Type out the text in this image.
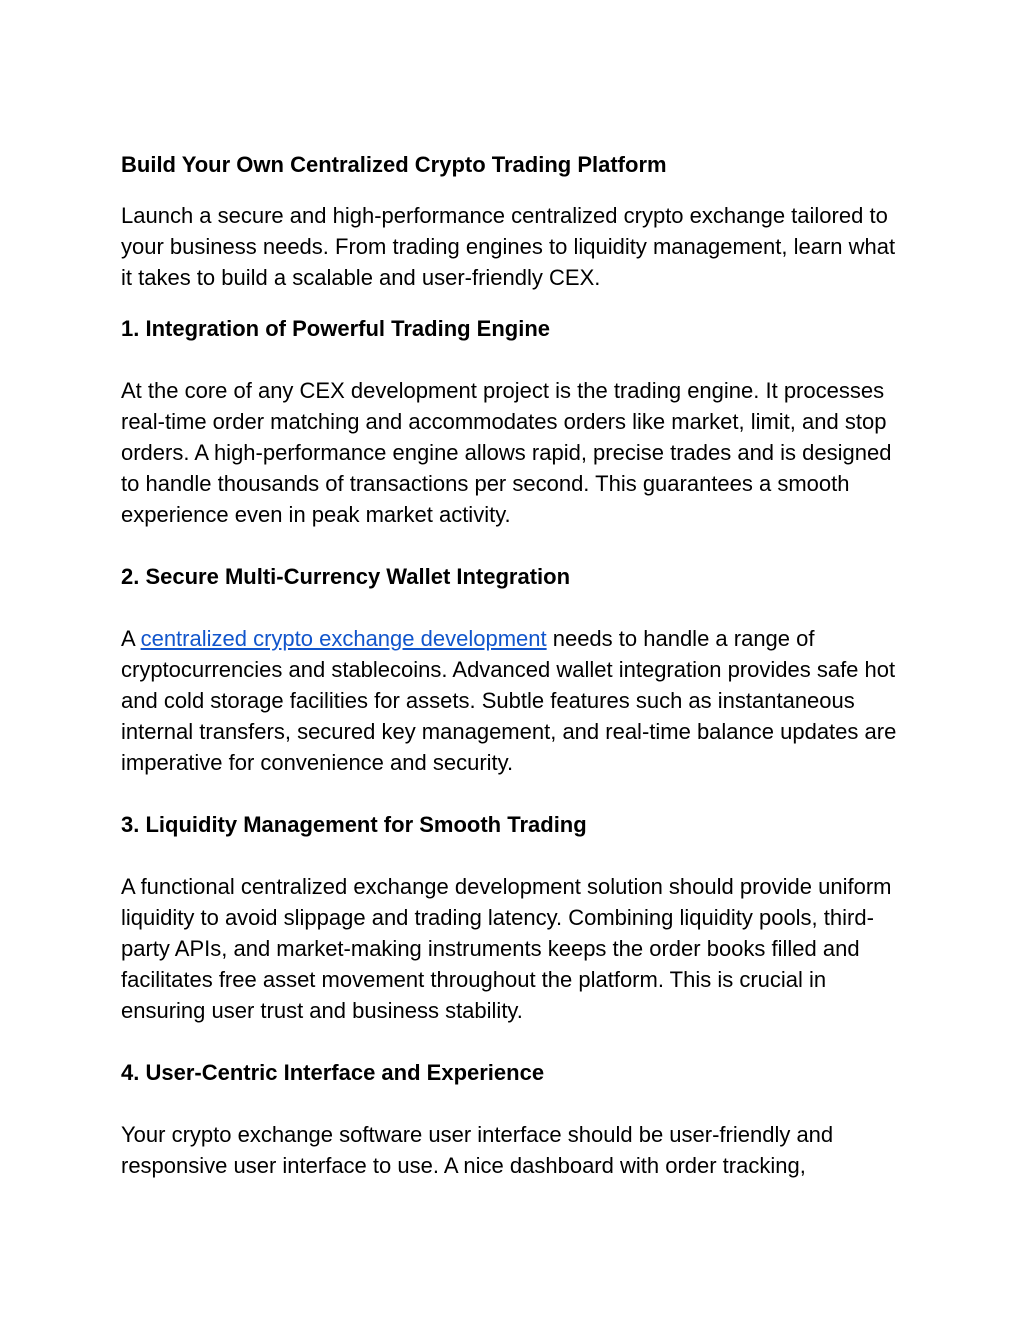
Build Your Own Centralized Crypto Trading Platform

Launch a secure and high-performance centralized crypto exchange tailored to your business needs. From trading engines to liquidity management, learn what it takes to build a scalable and user-friendly CEX.

1. Integration of Powerful Trading Engine

At the core of any CEX development project is the trading engine. It processes real-time order matching and accommodates orders like market, limit, and stop orders. A high-performance engine allows rapid, precise trades and is designed to handle thousands of transactions per second. This guarantees a smooth experience even in peak market activity.

2. Secure Multi-Currency Wallet Integration

A centralized crypto exchange development needs to handle a range of cryptocurrencies and stablecoins. Advanced wallet integration provides safe hot and cold storage facilities for assets. Subtle features such as instantaneous internal transfers, secured key management, and real-time balance updates are imperative for convenience and security.

3. Liquidity Management for Smooth Trading

A functional centralized exchange development solution should provide uniform liquidity to avoid slippage and trading latency. Combining liquidity pools, third-party APIs, and market-making instruments keeps the order books filled and facilitates free asset movement throughout the platform. This is crucial in ensuring user trust and business stability.

4. User-Centric Interface and Experience

Your crypto exchange software user interface should be user-friendly and responsive user interface to use. A nice dashboard with order tracking,
